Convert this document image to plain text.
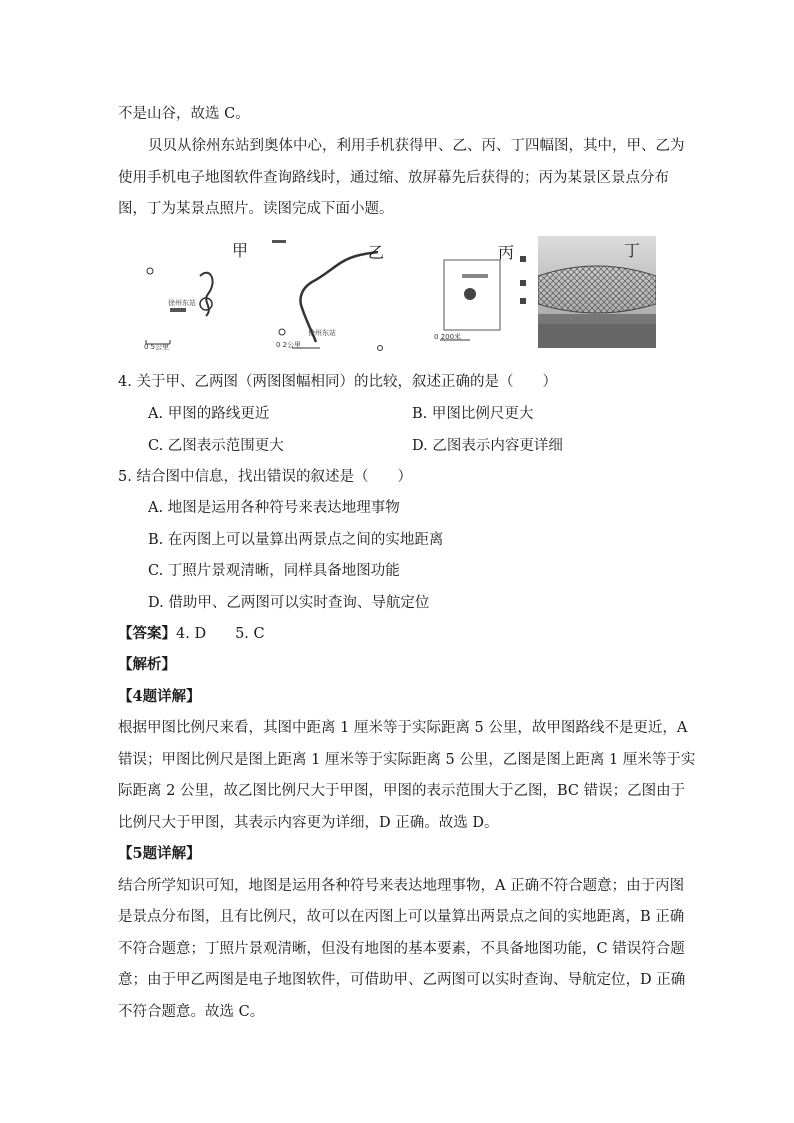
不是山谷，故选 C。
贝贝从徐州东站到奥体中心，利用手机获得甲、乙、丙、丁四幅图，其中，甲、乙为
使用手机电子地图软件查询路线时，通过缩、放屏幕先后获得的；丙为某景区景点分布
图，丁为某景点照片。读图完成下面小题。
甲
徐州东站
0 5公里
乙
徐州东站
0 2公里
丙
0 200米
丁
4. 关于甲、乙两图（两图图幅相同）的比较，叙述正确的是（　　）
A. 甲图的路线更近	B. 甲图比例尺更大
C. 乙图表示范围更大	D. 乙图表示内容更详细
5. 结合图中信息，找出错误的叙述是（　　）
A. 地图是运用各种符号来表达地理事物
B. 在丙图上可以量算出两景点之间的实地距离
C. 丁照片景观清晰，同样具备地图功能
D. 借助甲、乙两图可以实时查询、导航定位
【答案】4. D　　5. C
【解析】
【4题详解】
根据甲图比例尺来看，其图中距离 1 厘米等于实际距离 5 公里，故甲图路线不是更近，A
错误；甲图比例尺是图上距离 1 厘米等于实际距离 5 公里，乙图是图上距离 1 厘米等于实
际距离 2 公里，故乙图比例尺大于甲图，甲图的表示范围大于乙图，BC 错误；乙图由于
比例尺大于甲图，其表示内容更为详细，D 正确。故选 D。
【5题详解】
结合所学知识可知，地图是运用各种符号来表达地理事物，A 正确不符合题意；由于丙图
是景点分布图，且有比例尺，故可以在丙图上可以量算出两景点之间的实地距离，B 正确
不符合题意；丁照片景观清晰，但没有地图的基本要素，不具备地图功能，C 错误符合题
意；由于甲乙两图是电子地图软件，可借助甲、乙两图可以实时查询、导航定位，D 正确
不符合题意。故选 C。
